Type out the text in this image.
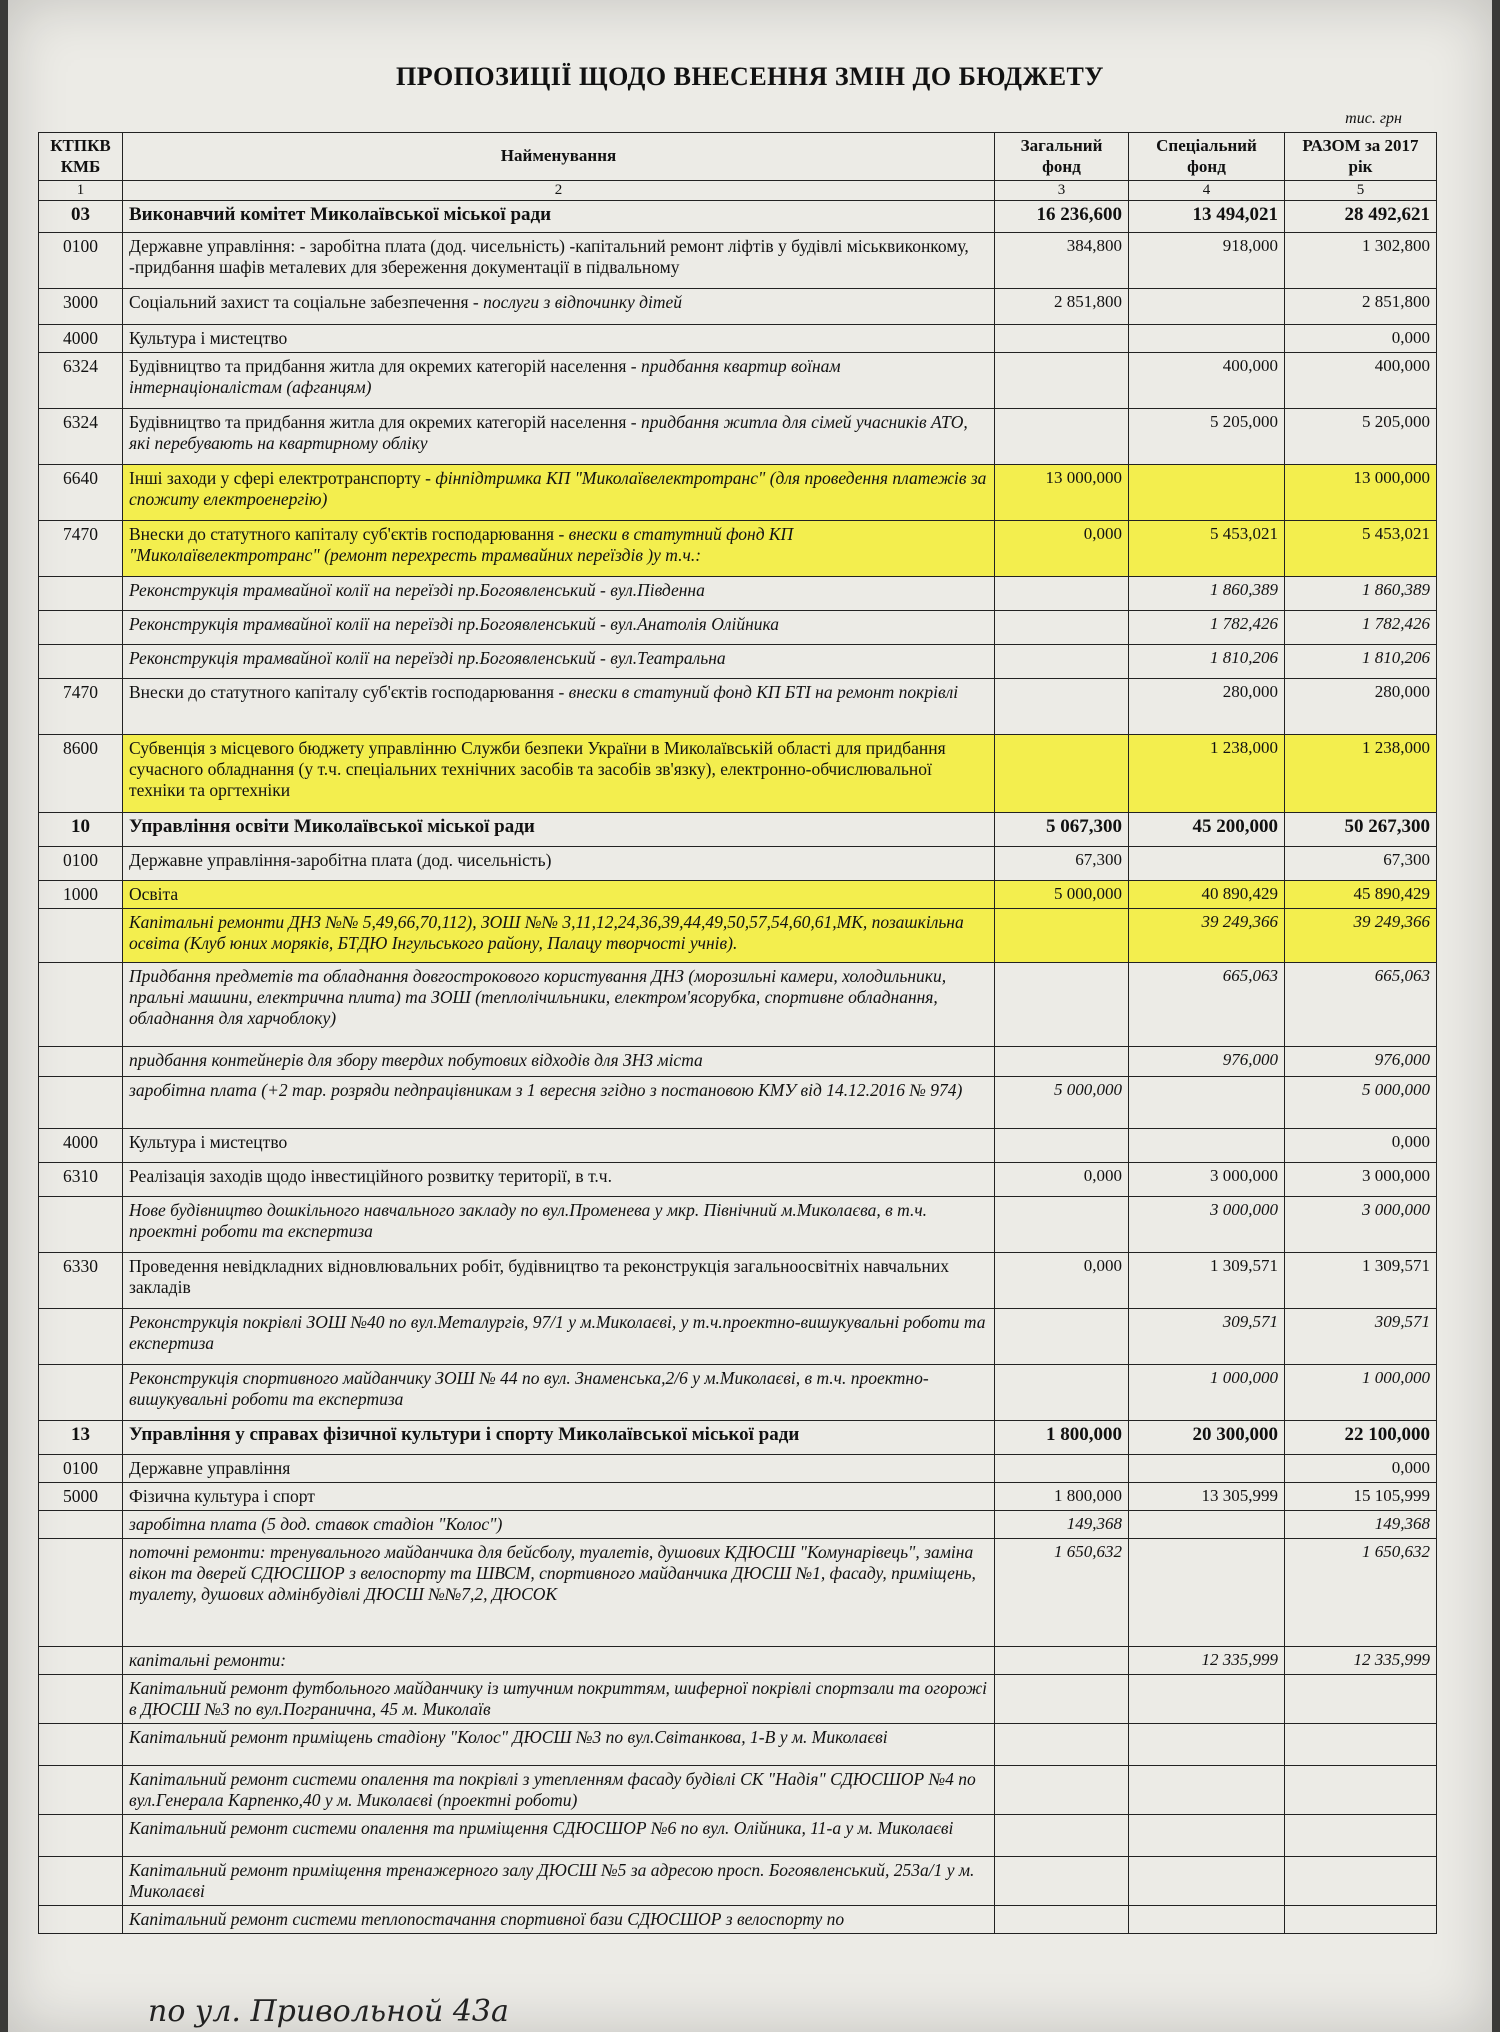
ПРОПОЗИЦІЇ ЩОДО ВНЕСЕННЯ ЗМІН ДО БЮДЖЕТУ
тис. грн
КТПКВ КМБ	Найменування	Загальний фонд	Спеціальний фонд	РАЗОМ за 2017 рік
1	2	3	4	5
03	Виконавчий комітет Миколаївської міської ради	16 236,600	13 494,021	28 492,621
0100	Державне управління: - заробітна плата (дод. чисельність) -капітальний ремонт ліфтів у будівлі міськвиконкому, -придбання шафів металевих для збереження документації в підвальному	384,800	918,000	1 302,800
3000	Соціальний захист та соціальне забезпечення - послуги з відпочинку дітей	2 851,800		2 851,800
4000	Культура і мистецтво			0,000
6324	Будівництво та придбання житла для окремих категорій населення - придбання квартир воїнам інтернаціоналістам (афганцям)		400,000	400,000
6324	Будівництво та придбання житла для окремих категорій населення - придбання житла для сімей учасників АТО, які перебувають на квартирному обліку		5 205,000	5 205,000
6640	Інші заходи у сфері електротранспорту - фінпідтримка КП "Миколаївелектротранс" (для проведення платежів за спожиту електроенергію)	13 000,000		13 000,000
7470	Внески до статутного капіталу суб'єктів господарювання - внески в статутний фонд КП "Миколаївелектротранс" (ремонт перехресть трамвайних переїздів )у т.ч.:	0,000	5 453,021	5 453,021
	Реконструкція трамвайної колії на переїзді пр.Богоявленський - вул.Південна		1 860,389	1 860,389
	Реконструкція трамвайної колії на переїзді пр.Богоявленський - вул.Анатолія Олійника		1 782,426	1 782,426
	Реконструкція трамвайної колії на переїзді пр.Богоявленський - вул.Театральна		1 810,206	1 810,206
7470	Внески до статутного капіталу суб'єктів господарювання - внески в статуний фонд КП БТІ на ремонт покрівлі		280,000	280,000
8600	Субвенція з місцевого бюджету управлінню Служби безпеки України в Миколаївській області для придбання сучасного обладнання (у т.ч. спеціальних технічних засобів та засобів зв'язку), електронно-обчислювальної техніки та оргтехніки		1 238,000	1 238,000
10	Управління освіти Миколаївської міської ради	5 067,300	45 200,000	50 267,300
0100	Державне управління-заробітна плата (дод. чисельність)	67,300		67,300
1000	Освіта	5 000,000	40 890,429	45 890,429
	Капітальні ремонти ДНЗ №№ 5,49,66,70,112), ЗОШ №№ 3,11,12,24,36,39,44,49,50,57,54,60,61,МК, позашкільна освіта (Клуб юних моряків, БТДЮ Інгульського району, Палацу творчості учнів).		39 249,366	39 249,366
	Придбання предметів та обладнання довгострокового користування ДНЗ (морозильні камери, холодильники, пральні машини, електрична плита) та ЗОШ (теплолічильники, електром'ясорубка, спортивне обладнання, обладнання для харчоблоку)		665,063	665,063
	придбання контейнерів для збору твердих побутових відходів для ЗНЗ міста		976,000	976,000
	заробітна плата (+2 тар. розряди педпрацівникам з 1 вересня згідно з постановою КМУ від 14.12.2016 № 974)	5 000,000		5 000,000
4000	Культура і мистецтво			0,000
6310	Реалізація заходів щодо інвестиційного розвитку території, в т.ч.	0,000	3 000,000	3 000,000
	Нове будівництво дошкільного навчального закладу по вул.Променева у мкр. Північний м.Миколаєва, в т.ч. проектні роботи та експертиза		3 000,000	3 000,000
6330	Проведення невідкладних відновлювальних робіт, будівництво та реконструкція загальноосвітніх навчальних закладів	0,000	1 309,571	1 309,571
	Реконструкція покрівлі ЗОШ №40 по вул.Металургів, 97/1 у м.Миколаєві, у т.ч.проектно-вишукувальні роботи та експертиза		309,571	309,571
	Реконструкція спортивного майданчику ЗОШ № 44 по вул. Знаменська,2/6 у м.Миколаєві, в т.ч. проектно-вишукувальні роботи та експертиза		1 000,000	1 000,000
13	Управління у справах фізичної культури і спорту Миколаївської міської ради	1 800,000	20 300,000	22 100,000
0100	Державне управління			0,000
5000	Фізична культура і спорт	1 800,000	13 305,999	15 105,999
	заробітна плата (5 дод. ставок стадіон "Колос")	149,368		149,368
	поточні ремонти: тренувального майданчика для бейсболу, туалетів, душових КДЮСШ "Комунарівець", заміна вікон та дверей СДЮСШОР з велоспорту та ШВСМ, спортивного майданчика ДЮСШ №1, фасаду, приміщень, туалету, душових адмінбудівлі ДЮСШ №№7,2, ДЮСОК	1 650,632		1 650,632
	капітальні ремонти:		12 335,999	12 335,999
	Капітальний ремонт футбольного майданчику із штучним покриттям, шиферної покрівлі спортзали та огорожі в ДЮСШ №3 по вул.Погранична, 45 м. Миколаїв			
	Капітальний ремонт приміщень стадіону "Колос" ДЮСШ №3 по вул.Світанкова, 1-В у м. Миколаєві			
	Капітальний ремонт системи опалення та покрівлі з утепленням фасаду будівлі СК "Надія" СДЮСШОР №4 по вул.Генерала Карпенко,40 у м. Миколаєві (проектні роботи)			
	Капітальний ремонт системи опалення та приміщення СДЮСШОР №6 по вул. Олійника, 11-а у м. Миколаєві			
	Капітальний ремонт приміщення тренажерного залу ДЮСШ №5 за адресою просп. Богоявленський, 253а/1 у м. Миколаєві			
	Капітальний ремонт системи теплопостачання спортивної бази СДЮСШОР з велоспорту по			
по ул. Привольной 43а
